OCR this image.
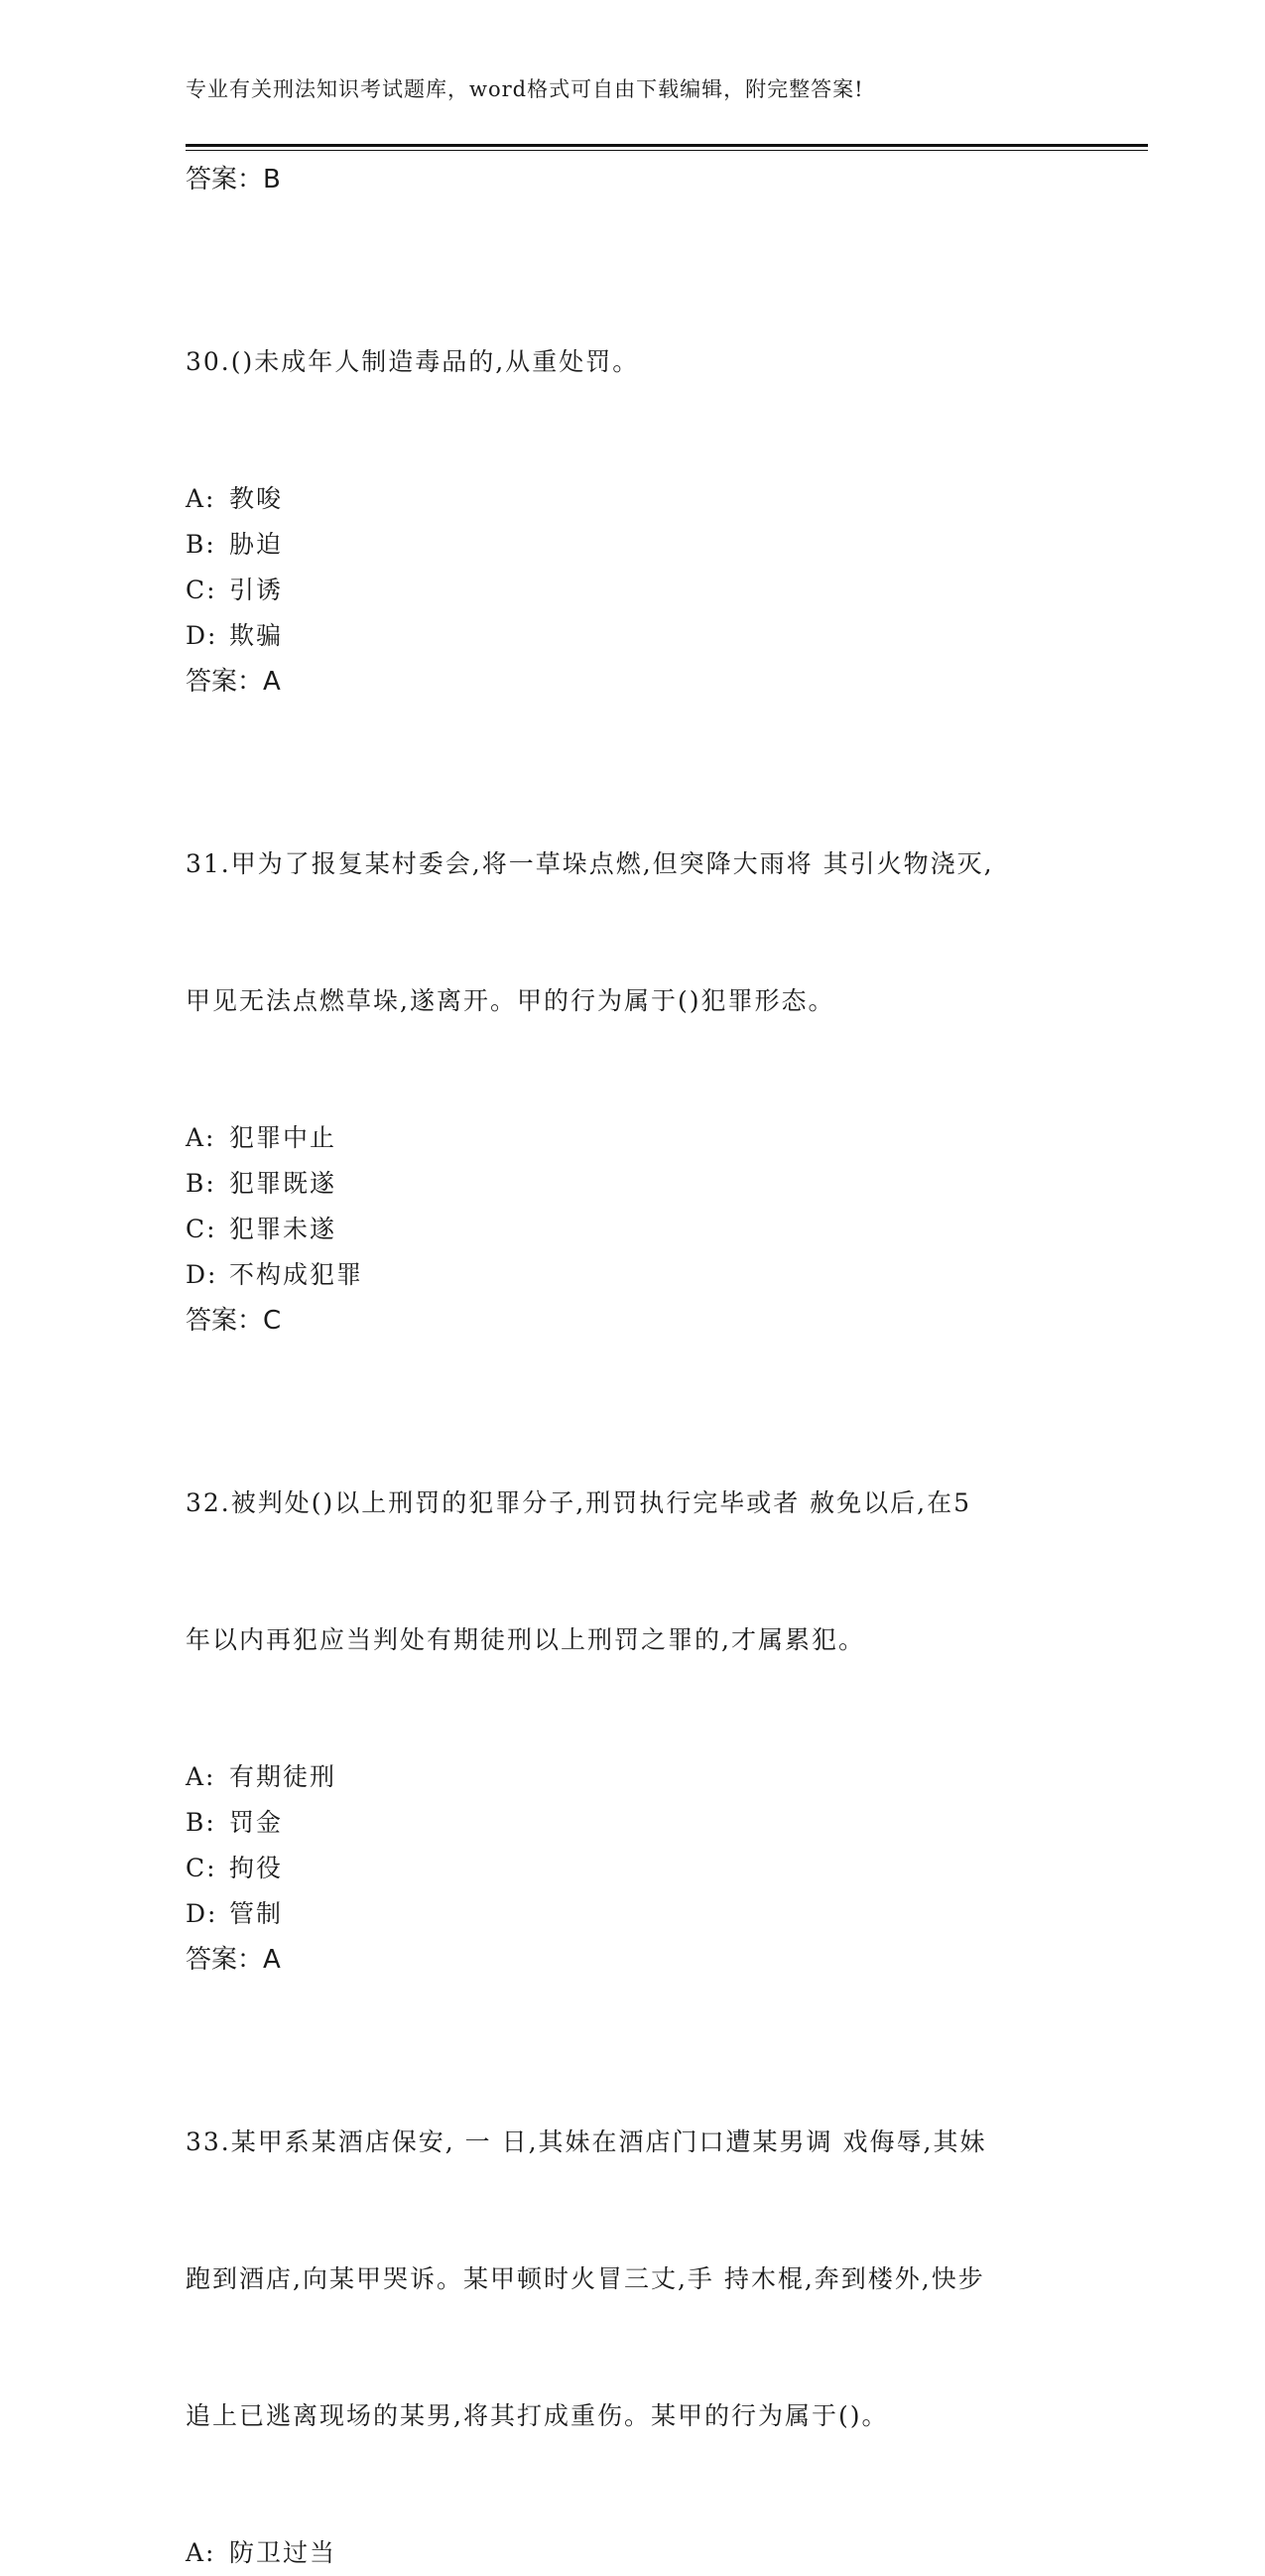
专业有关刑法知识考试题库，word格式可自由下载编辑，附完整答案!
答案：B

30.()未成年人制造毒品的,从重处罚。

A: 教唆
B: 胁迫
C: 引诱
D: 欺骗
答案：A

31.甲为了报复某村委会,将一草垛点燃,但突降大雨将 其引火物浇灭,

甲见无法点燃草垛,遂离开。甲的行为属于()犯罪形态。

A: 犯罪中止
B: 犯罪既遂
C: 犯罪未遂
D: 不构成犯罪
答案：C

32.被判处()以上刑罚的犯罪分子,刑罚执行完毕或者 赦免以后,在5

年以内再犯应当判处有期徒刑以上刑罚之罪的,才属累犯。

A: 有期徒刑
B: 罚金
C: 拘役
D: 管制
答案：A

33.某甲系某酒店保安, 一 日,其妹在酒店门口遭某男调 戏侮辱,其妹

跑到酒店,向某甲哭诉。某甲顿时火冒三丈,手 持木棍,奔到楼外,快步

追上已逃离现场的某男,将其打成重伤。某甲的行为属于()。

A: 防卫过当
